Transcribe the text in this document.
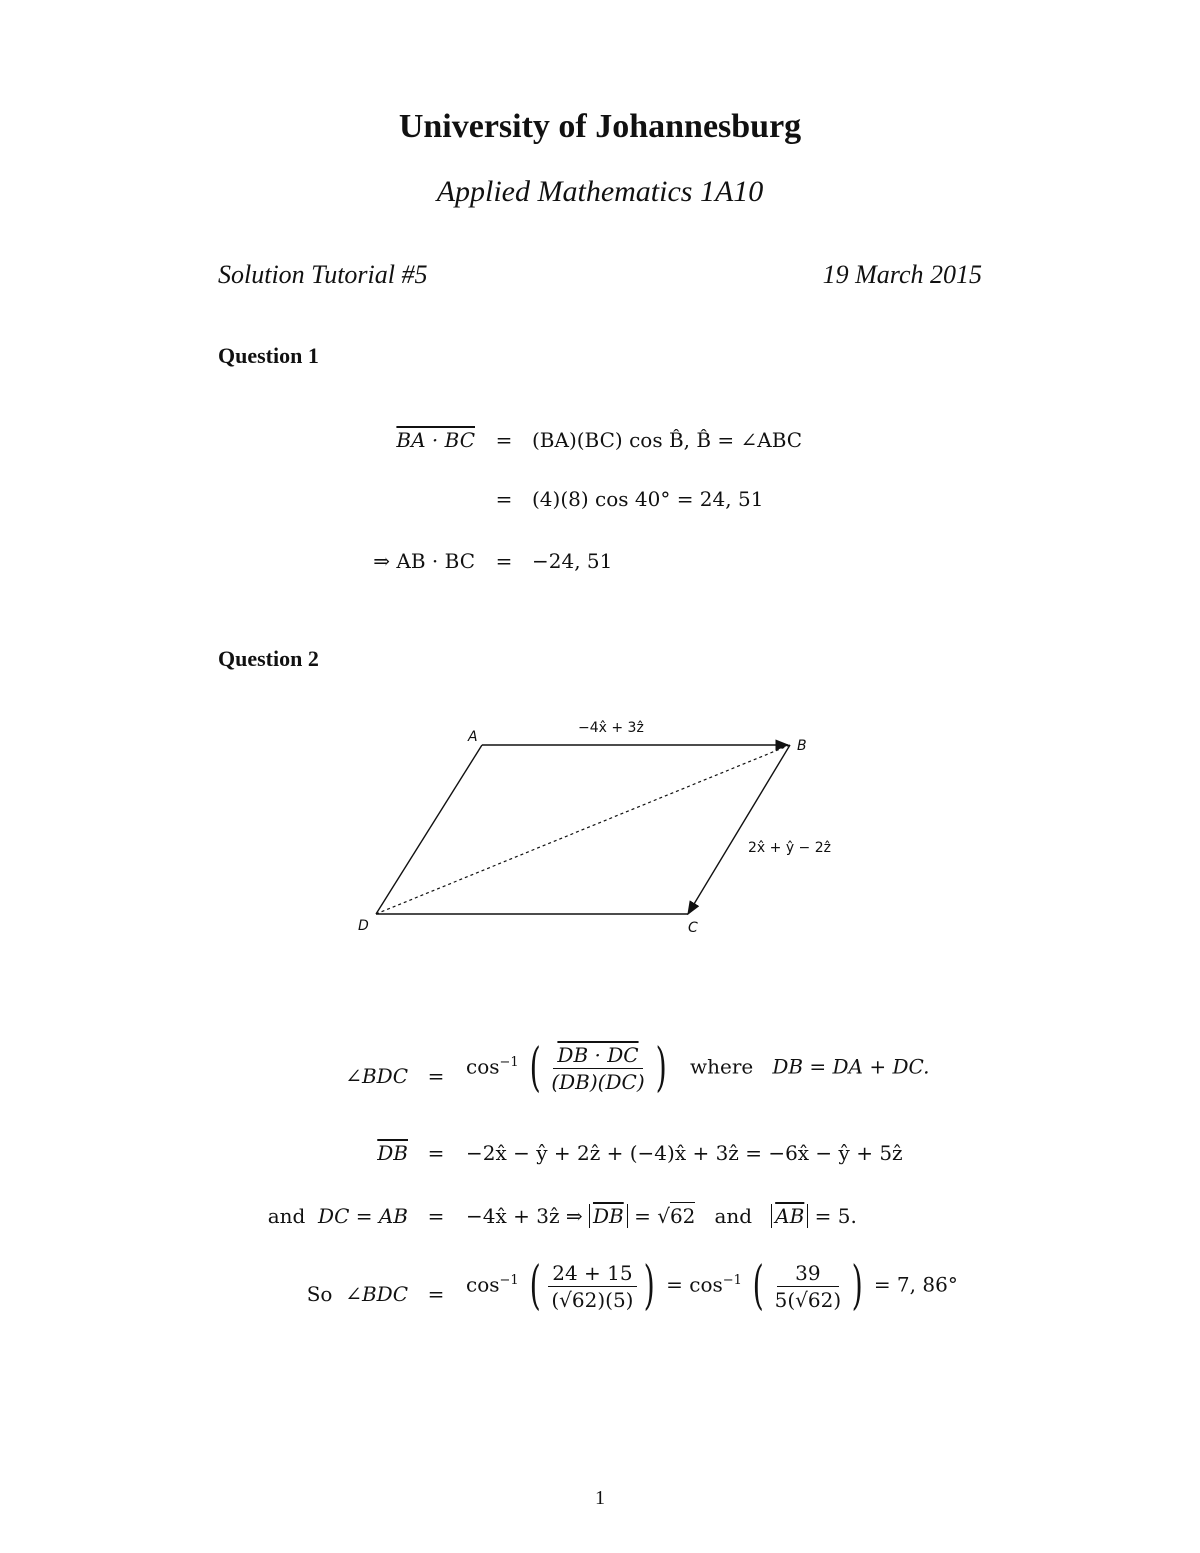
University of Johannesburg
Applied Mathematics 1A10
Solution Tutorial #5	19 March 2015
Question 1
BA · BC	= (BA)(BC) cos B̂, B̂ = ∠ABC
= (4)(8) cos 40° = 24, 51
⇒ AB · BC	= −24, 51
Question 2
A
B
C
D
−4x̂ + 3ẑ
2x̂ + ŷ − 2ẑ
∠BDC =	$\cos^{-1}$ ( $\frac{DB \cdot DC}{(DB)(DC)}$ ) where DB = DA + DC.
$\overline{DB}$ =	−2x̂ − ŷ + 2ẑ + (−4)x̂ + 3ẑ = −6x̂ − ŷ + 5ẑ
and DC = AB =	−4x̂ + 3ẑ ⇒ $\overline{DB} = √62$ and $\overline{AB} = 5$.
So ∠BDC =	$\cos^{-1}$ ( $\frac{24 + 15}{(√62)(5)}$ ) = $\cos^{-1}$ ( $\frac{39}{5(√62)}$ ) = 7, 86°
1
